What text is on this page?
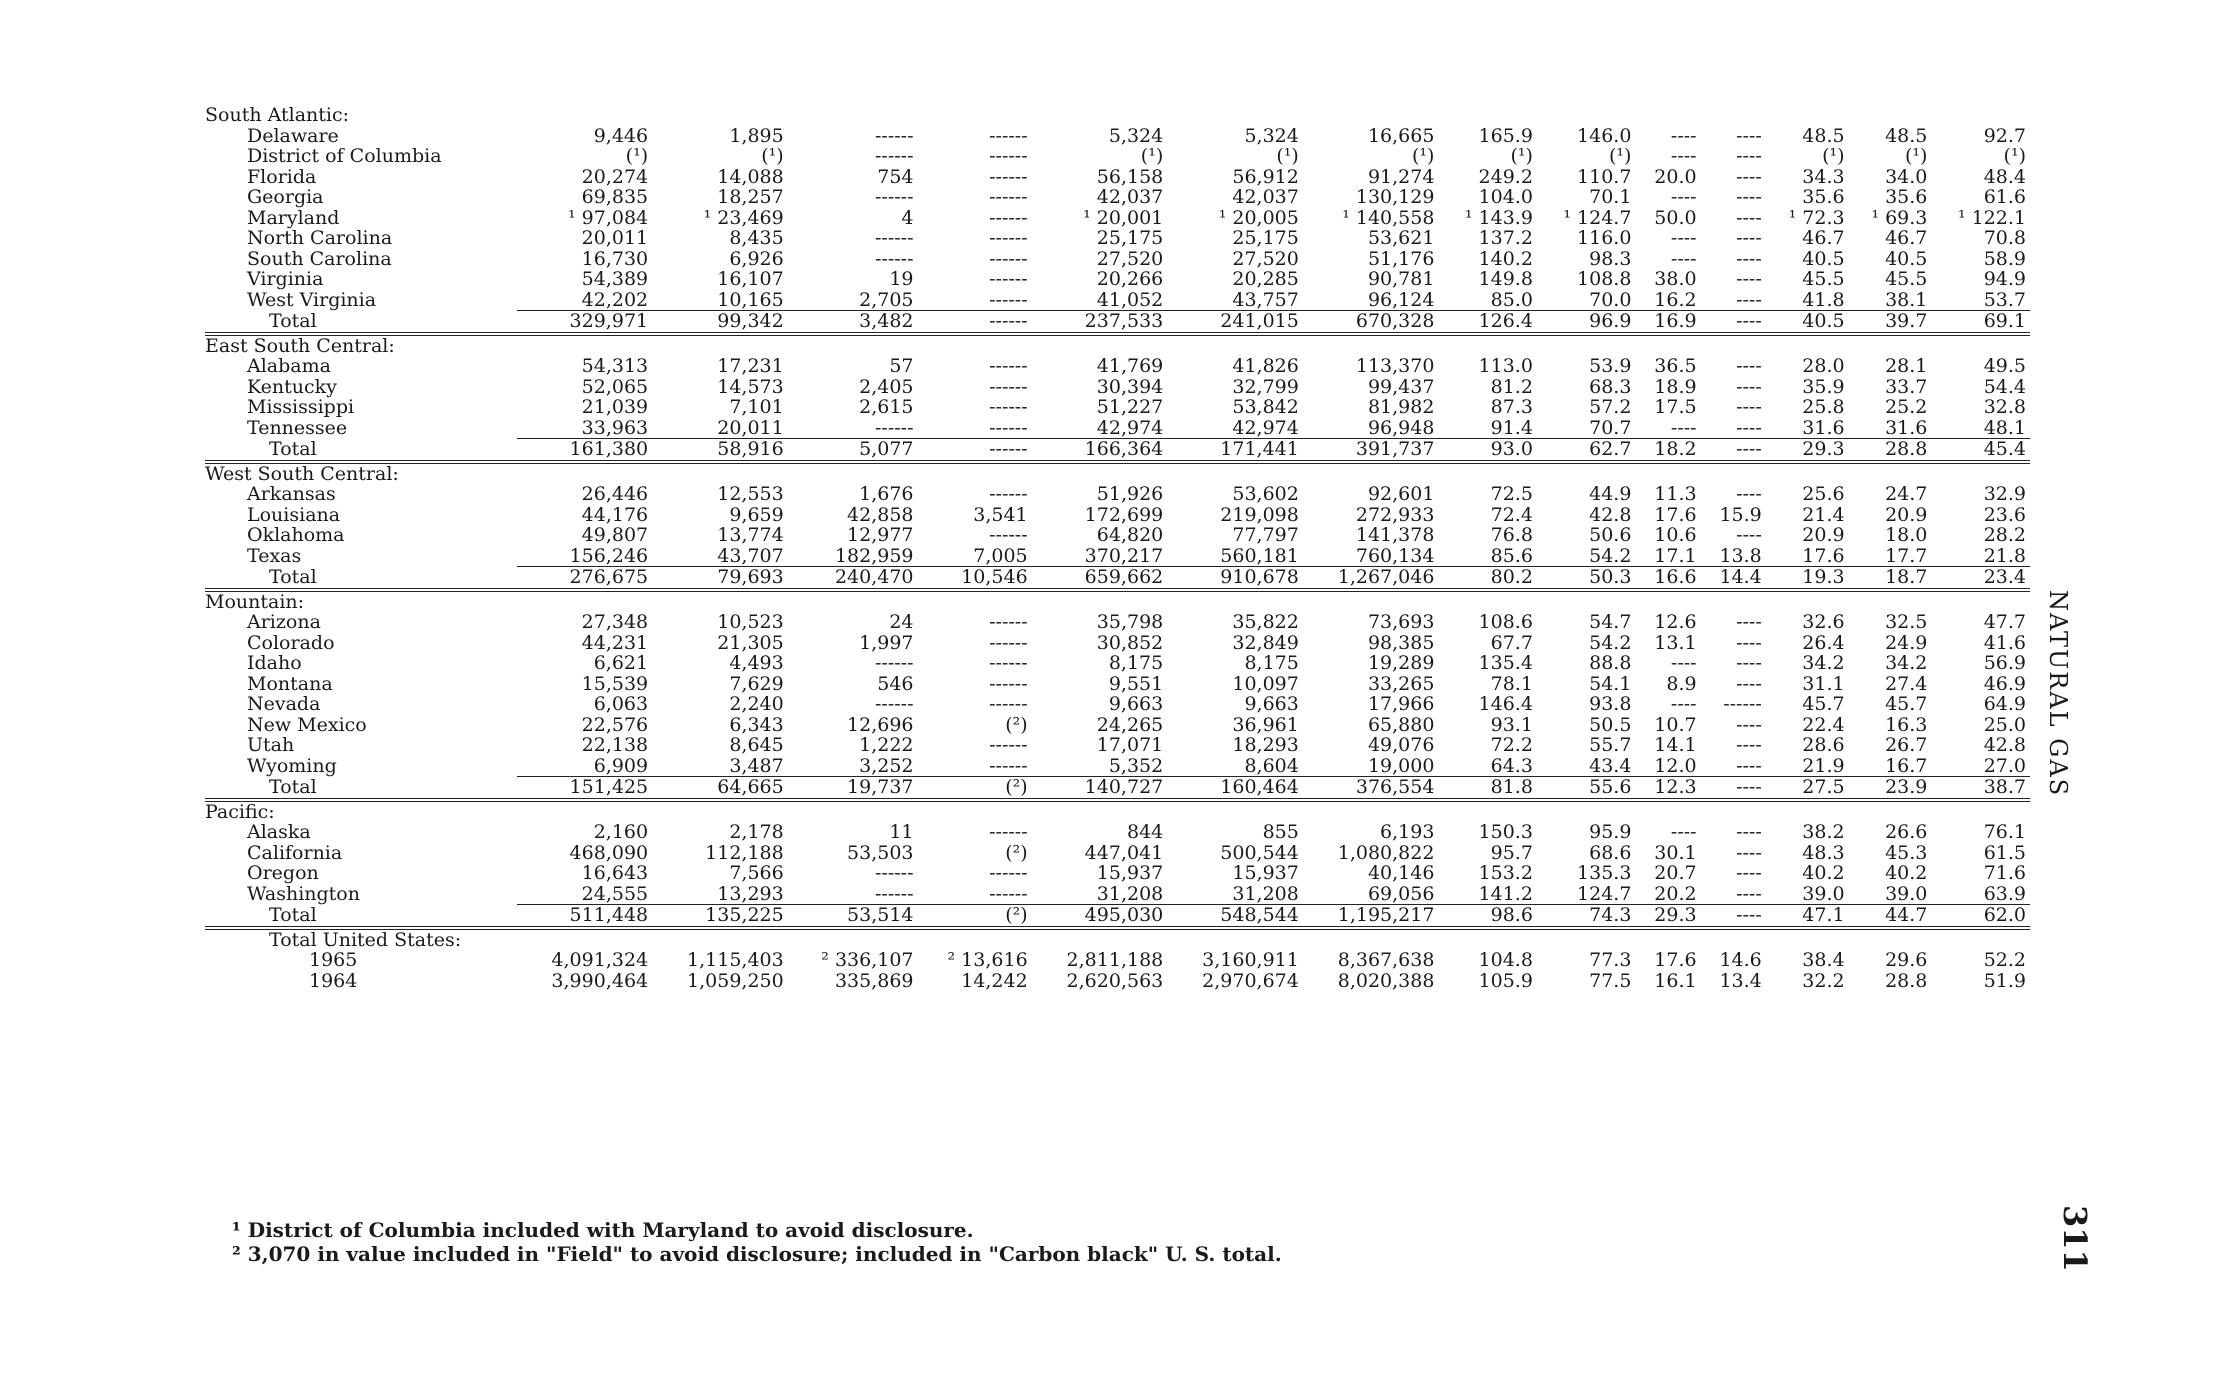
South Atlantic:														
Delaware	9,446	1,895	------	------	5,324	5,324	16,665	165.9	146.0	----	----	48.5	48.5	92.7
District of Columbia	(¹)	(¹)	------	------	(¹)	(¹)	(¹)	(¹)	(¹)	----	----	(¹)	(¹)	(¹)
Florida	20,274	14,088	754	------	56,158	56,912	91,274	249.2	110.7	20.0	----	34.3	34.0	48.4
Georgia	69,835	18,257	------	------	42,037	42,037	130,129	104.0	70.1	----	----	35.6	35.6	61.6
Maryland	¹ 97,084	¹ 23,469	4	------	¹ 20,001	¹ 20,005	¹ 140,558	¹ 143.9	¹ 124.7	50.0	----	¹ 72.3	¹ 69.3	¹ 122.1
North Carolina	20,011	8,435	------	------	25,175	25,175	53,621	137.2	116.0	----	----	46.7	46.7	70.8
South Carolina	16,730	6,926	------	------	27,520	27,520	51,176	140.2	98.3	----	----	40.5	40.5	58.9
Virginia	54,389	16,107	19	------	20,266	20,285	90,781	149.8	108.8	38.0	----	45.5	45.5	94.9
West Virginia	42,202	10,165	2,705	------	41,052	43,757	96,124	85.0	70.0	16.2	----	41.8	38.1	53.7
Total	329,971	99,342	3,482	------	237,533	241,015	670,328	126.4	96.9	16.9	----	40.5	39.7	69.1
East South Central:														
Alabama	54,313	17,231	57	------	41,769	41,826	113,370	113.0	53.9	36.5	----	28.0	28.1	49.5
Kentucky	52,065	14,573	2,405	------	30,394	32,799	99,437	81.2	68.3	18.9	----	35.9	33.7	54.4
Mississippi	21,039	7,101	2,615	------	51,227	53,842	81,982	87.3	57.2	17.5	----	25.8	25.2	32.8
Tennessee	33,963	20,011	------	------	42,974	42,974	96,948	91.4	70.7	----	----	31.6	31.6	48.1
Total	161,380	58,916	5,077	------	166,364	171,441	391,737	93.0	62.7	18.2	----	29.3	28.8	45.4
West South Central:														
Arkansas	26,446	12,553	1,676	------	51,926	53,602	92,601	72.5	44.9	11.3	----	25.6	24.7	32.9
Louisiana	44,176	9,659	42,858	3,541	172,699	219,098	272,933	72.4	42.8	17.6	15.9	21.4	20.9	23.6
Oklahoma	49,807	13,774	12,977	------	64,820	77,797	141,378	76.8	50.6	10.6	----	20.9	18.0	28.2
Texas	156,246	43,707	182,959	7,005	370,217	560,181	760,134	85.6	54.2	17.1	13.8	17.6	17.7	21.8
Total	276,675	79,693	240,470	10,546	659,662	910,678	1,267,046	80.2	50.3	16.6	14.4	19.3	18.7	23.4
Mountain:														
Arizona	27,348	10,523	24	------	35,798	35,822	73,693	108.6	54.7	12.6	----	32.6	32.5	47.7
Colorado	44,231	21,305	1,997	------	30,852	32,849	98,385	67.7	54.2	13.1	----	26.4	24.9	41.6
Idaho	6,621	4,493	------	------	8,175	8,175	19,289	135.4	88.8	----	----	34.2	34.2	56.9
Montana	15,539	7,629	546	------	9,551	10,097	33,265	78.1	54.1	8.9	----	31.1	27.4	46.9
Nevada	6,063	2,240	------	------	9,663	9,663	17,966	146.4	93.8	----	------	45.7	45.7	64.9
New Mexico	22,576	6,343	12,696	(²)	24,265	36,961	65,880	93.1	50.5	10.7	----	22.4	16.3	25.0
Utah	22,138	8,645	1,222	------	17,071	18,293	49,076	72.2	55.7	14.1	----	28.6	26.7	42.8
Wyoming	6,909	3,487	3,252	------	5,352	8,604	19,000	64.3	43.4	12.0	----	21.9	16.7	27.0
Total	151,425	64,665	19,737	(²)	140,727	160,464	376,554	81.8	55.6	12.3	----	27.5	23.9	38.7
Pacific:														
Alaska	2,160	2,178	11	------	844	855	6,193	150.3	95.9	----	----	38.2	26.6	76.1
California	468,090	112,188	53,503	(²)	447,041	500,544	1,080,822	95.7	68.6	30.1	----	48.3	45.3	61.5
Oregon	16,643	7,566	------	------	15,937	15,937	40,146	153.2	135.3	20.7	----	40.2	40.2	71.6
Washington	24,555	13,293	------	------	31,208	31,208	69,056	141.2	124.7	20.2	----	39.0	39.0	63.9
Total	511,448	135,225	53,514	(²)	495,030	548,544	1,195,217	98.6	74.3	29.3	----	47.1	44.7	62.0
Total United States:														
1965	4,091,324	1,115,403	² 336,107	² 13,616	2,811,188	3,160,911	8,367,638	104.8	77.3	17.6	14.6	38.4	29.6	52.2
1964	3,990,464	1,059,250	335,869	14,242	2,620,563	2,970,674	8,020,388	105.9	77.5	16.1	13.4	32.2	28.8	51.9
¹ District of Columbia included with Maryland to avoid disclosure.
² 3,070 in value included in "Field" to avoid disclosure; included in "Carbon black" U. S. total.
NATURAL GAS
311
